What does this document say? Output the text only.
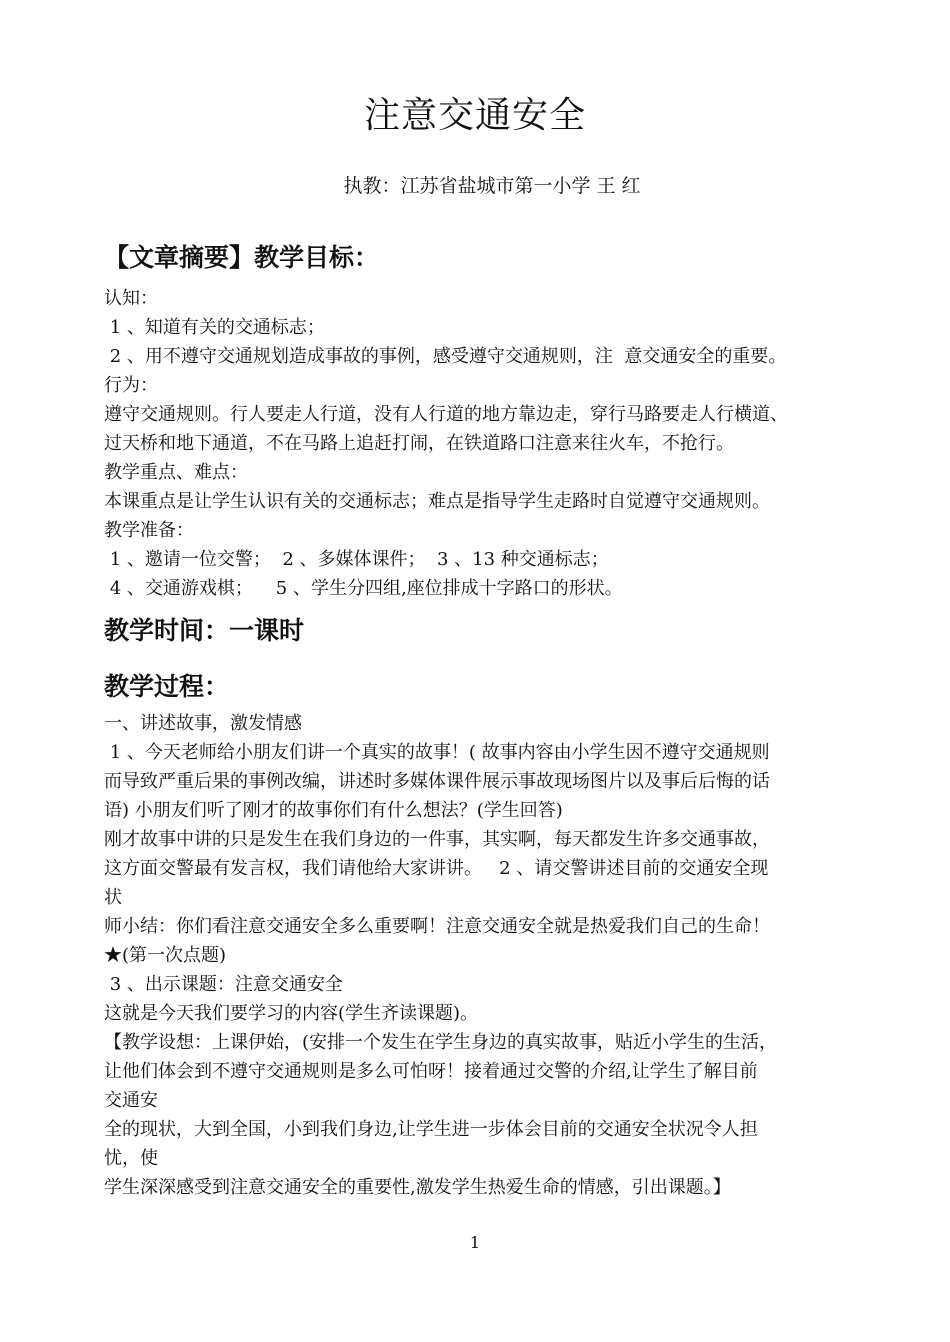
注意交通安全
执教：江苏省盐城市第一小学 王 红
【文章摘要】教学目标：
认知：
1 、知道有关的交通标志；
2 、用不遵守交通规划造成事故的事例，感受遵守交通规则，注  意交通安全的重要。
行为：
遵守交通规则。行人要走人行道，没有人行道的地方靠边走，穿行马路要走人行横道、
过天桥和地下通道，不在马路上追赶打闹，在铁道路口注意来往火车，不抢行。
教学重点、难点：
本课重点是让学生认识有关的交通标志；难点是指导学生走路时自觉遵守交通规则。
教学准备：
1 、邀请一位交警；  2 、多媒体课件；  3 、13 种交通标志；
4 、交通游戏棋；    5 、学生分四组,座位排成十字路口的形状。
教学时间：一课时
教学过程：
一、讲述故事，激发情感
1 、今天老师给小朋友们讲一个真实的故事！( 故事内容由小学生因不遵守交通规则
而导致严重后果的事例改编，讲述时多媒体课件展示事故现场图片以及事后后悔的话
语) 小朋友们听了刚才的故事你们有什么想法？(学生回答)
刚才故事中讲的只是发生在我们身边的一件事，其实啊，每天都发生许多交通事故，
这方面交警最有发言权，我们请他给大家讲讲。   2 、请交警讲述目前的交通安全现
状
师小结：你们看注意交通安全多么重要啊！注意交通安全就是热爱我们自己的生命！
★(第一次点题)
3 、出示课题：注意交通安全
这就是今天我们要学习的内容(学生齐读课题)。
【教学设想：上课伊始，(安排一个发生在学生身边的真实故事，贴近小学生的生活，
让他们体会到不遵守交通规则是多么可怕呀！接着通过交警的介绍,让学生了解目前
交通安
全的现状，大到全国，小到我们身边,让学生进一步体会目前的交通安全状况令人担
忧，使
学生深深感受到注意交通安全的重要性,激发学生热爱生命的情感，引出课题。】
1
